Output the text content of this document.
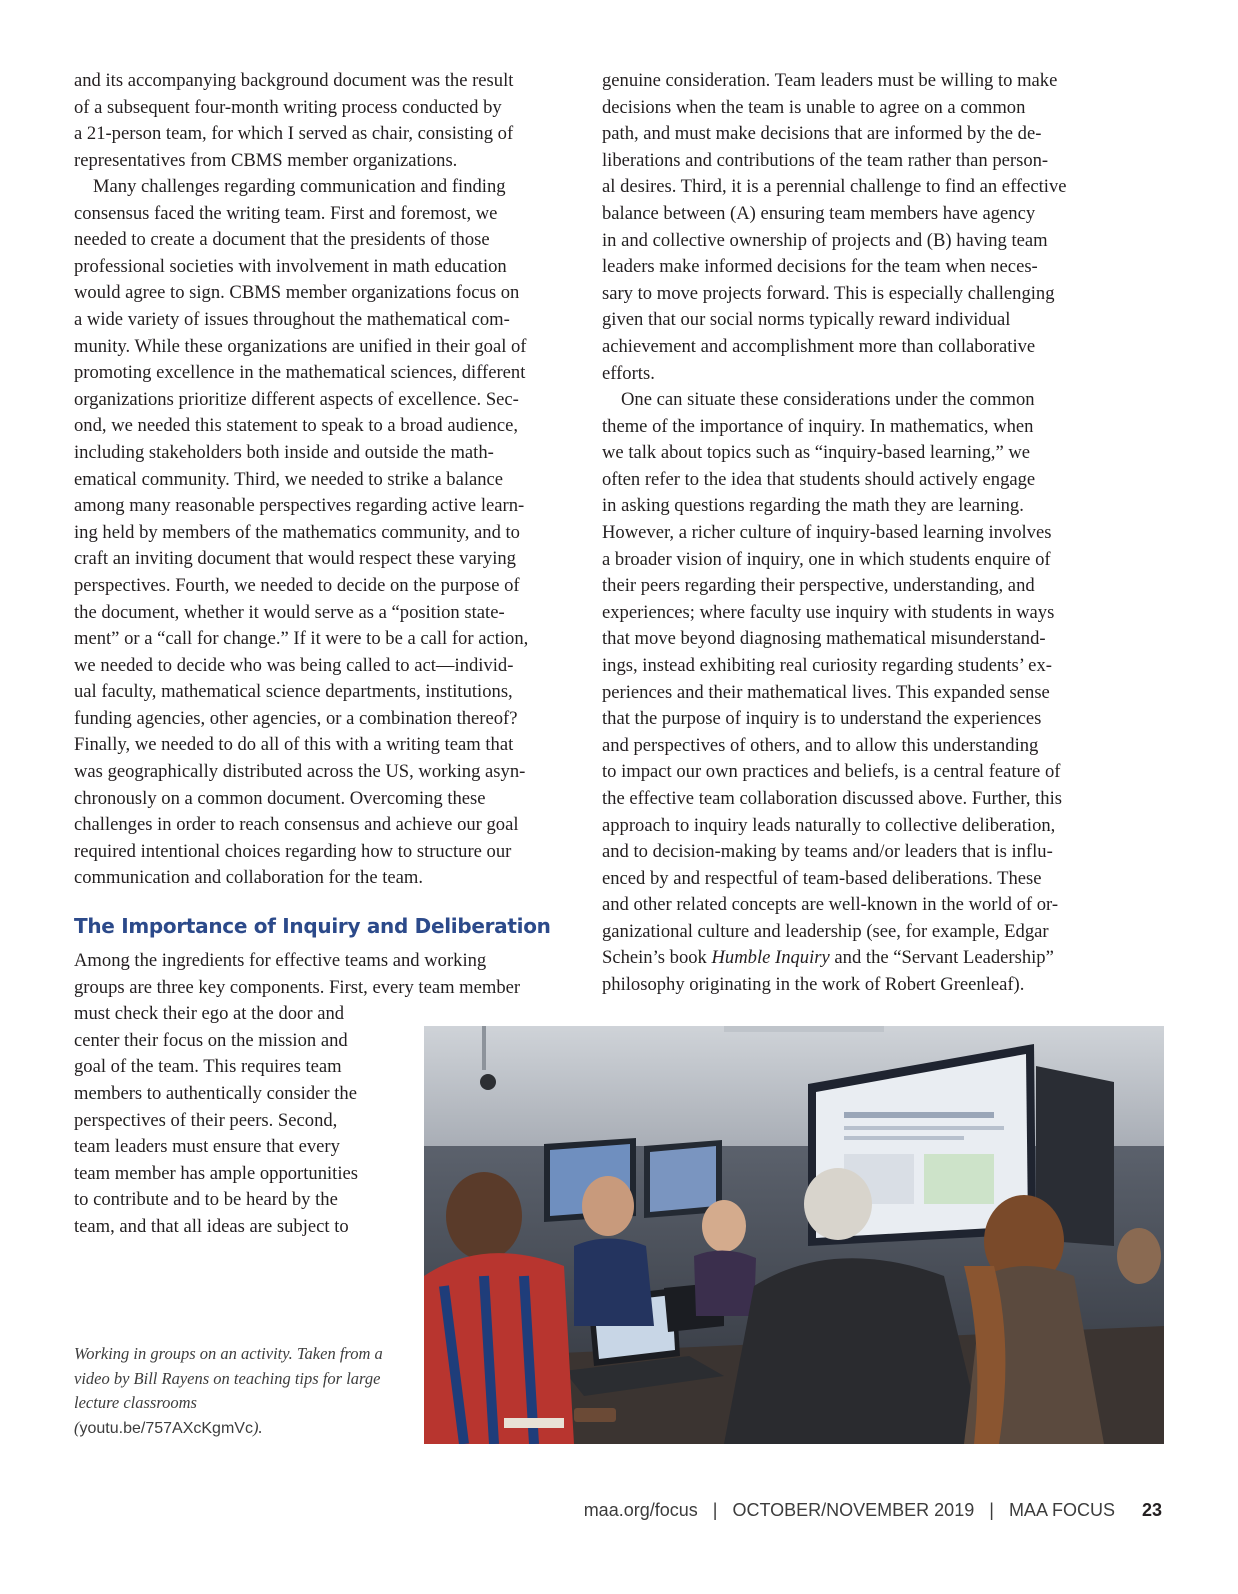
and its accompanying background document was the result
of a subsequent four-month writing process conducted by
a 21-person team, for which I served as chair, consisting of
representatives from CBMS member organizations.
Many challenges regarding communication and finding
consensus faced the writing team. First and foremost, we
needed to create a document that the presidents of those
professional societies with involvement in math education
would agree to sign. CBMS member organizations focus on
a wide variety of issues throughout the mathematical com-
munity. While these organizations are unified in their goal of
promoting excellence in the mathematical sciences, different
organizations prioritize different aspects of excellence. Sec-
ond, we needed this statement to speak to a broad audience,
including stakeholders both inside and outside the math-
ematical community. Third, we needed to strike a balance
among many reasonable perspectives regarding active learn-
ing held by members of the mathematics community, and to
craft an inviting document that would respect these varying
perspectives. Fourth, we needed to decide on the purpose of
the document, whether it would serve as a “position state-
ment” or a “call for change.” If it were to be a call for action,
we needed to decide who was being called to act—individ-
ual faculty, mathematical science departments, institutions,
funding agencies, other agencies, or a combination thereof?
Finally, we needed to do all of this with a writing team that
was geographically distributed across the US, working asyn-
chronously on a common document. Overcoming these
challenges in order to reach consensus and achieve our goal
required intentional choices regarding how to structure our
communication and collaboration for the team.
The Importance of Inquiry and Deliberation
Among the ingredients for effective teams and working
groups are three key components. First, every team member
must check their ego at the door and
center their focus on the mission and
goal of the team. This requires team
members to authentically consider the
perspectives of their peers. Second,
team leaders must ensure that every
team member has ample opportunities
to contribute and to be heard by the
team, and that all ideas are subject to
genuine consideration. Team leaders must be willing to make
decisions when the team is unable to agree on a common
path, and must make decisions that are informed by the de-
liberations and contributions of the team rather than person-
al desires. Third, it is a perennial challenge to find an effective
balance between (A) ensuring team members have agency
in and collective ownership of projects and (B) having team
leaders make informed decisions for the team when neces-
sary to move projects forward. This is especially challenging
given that our social norms typically reward individual
achievement and accomplishment more than collaborative
efforts.
One can situate these considerations under the common
theme of the importance of inquiry. In mathematics, when
we talk about topics such as “inquiry-based learning,” we
often refer to the idea that students should actively engage
in asking questions regarding the math they are learning.
However, a richer culture of inquiry-based learning involves
a broader vision of inquiry, one in which students enquire of
their peers regarding their perspective, understanding, and
experiences; where faculty use inquiry with students in ways
that move beyond diagnosing mathematical misunderstand-
ings, instead exhibiting real curiosity regarding students’ ex-
periences and their mathematical lives. This expanded sense
that the purpose of inquiry is to understand the experiences
and perspectives of others, and to allow this understanding
to impact our own practices and beliefs, is a central feature of
the effective team collaboration discussed above. Further, this
approach to inquiry leads naturally to collective deliberation,
and to decision-making by teams and/or leaders that is influ-
enced by and respectful of team-based deliberations. These
and other related concepts are well-known in the world of or-
ganizational culture and leadership (see, for example, Edgar
Schein’s book Humble Inquiry and the “Servant Leadership”
philosophy originating in the work of Robert Greenleaf).

Working in groups on an activity. Taken from a video by Bill Rayens on teaching tips for large lecture classrooms (youtu.be/757AXcKgmVc).

maa.org/focus | OCTOBER/NOVEMBER 2019 | MAA FOCUS 23
